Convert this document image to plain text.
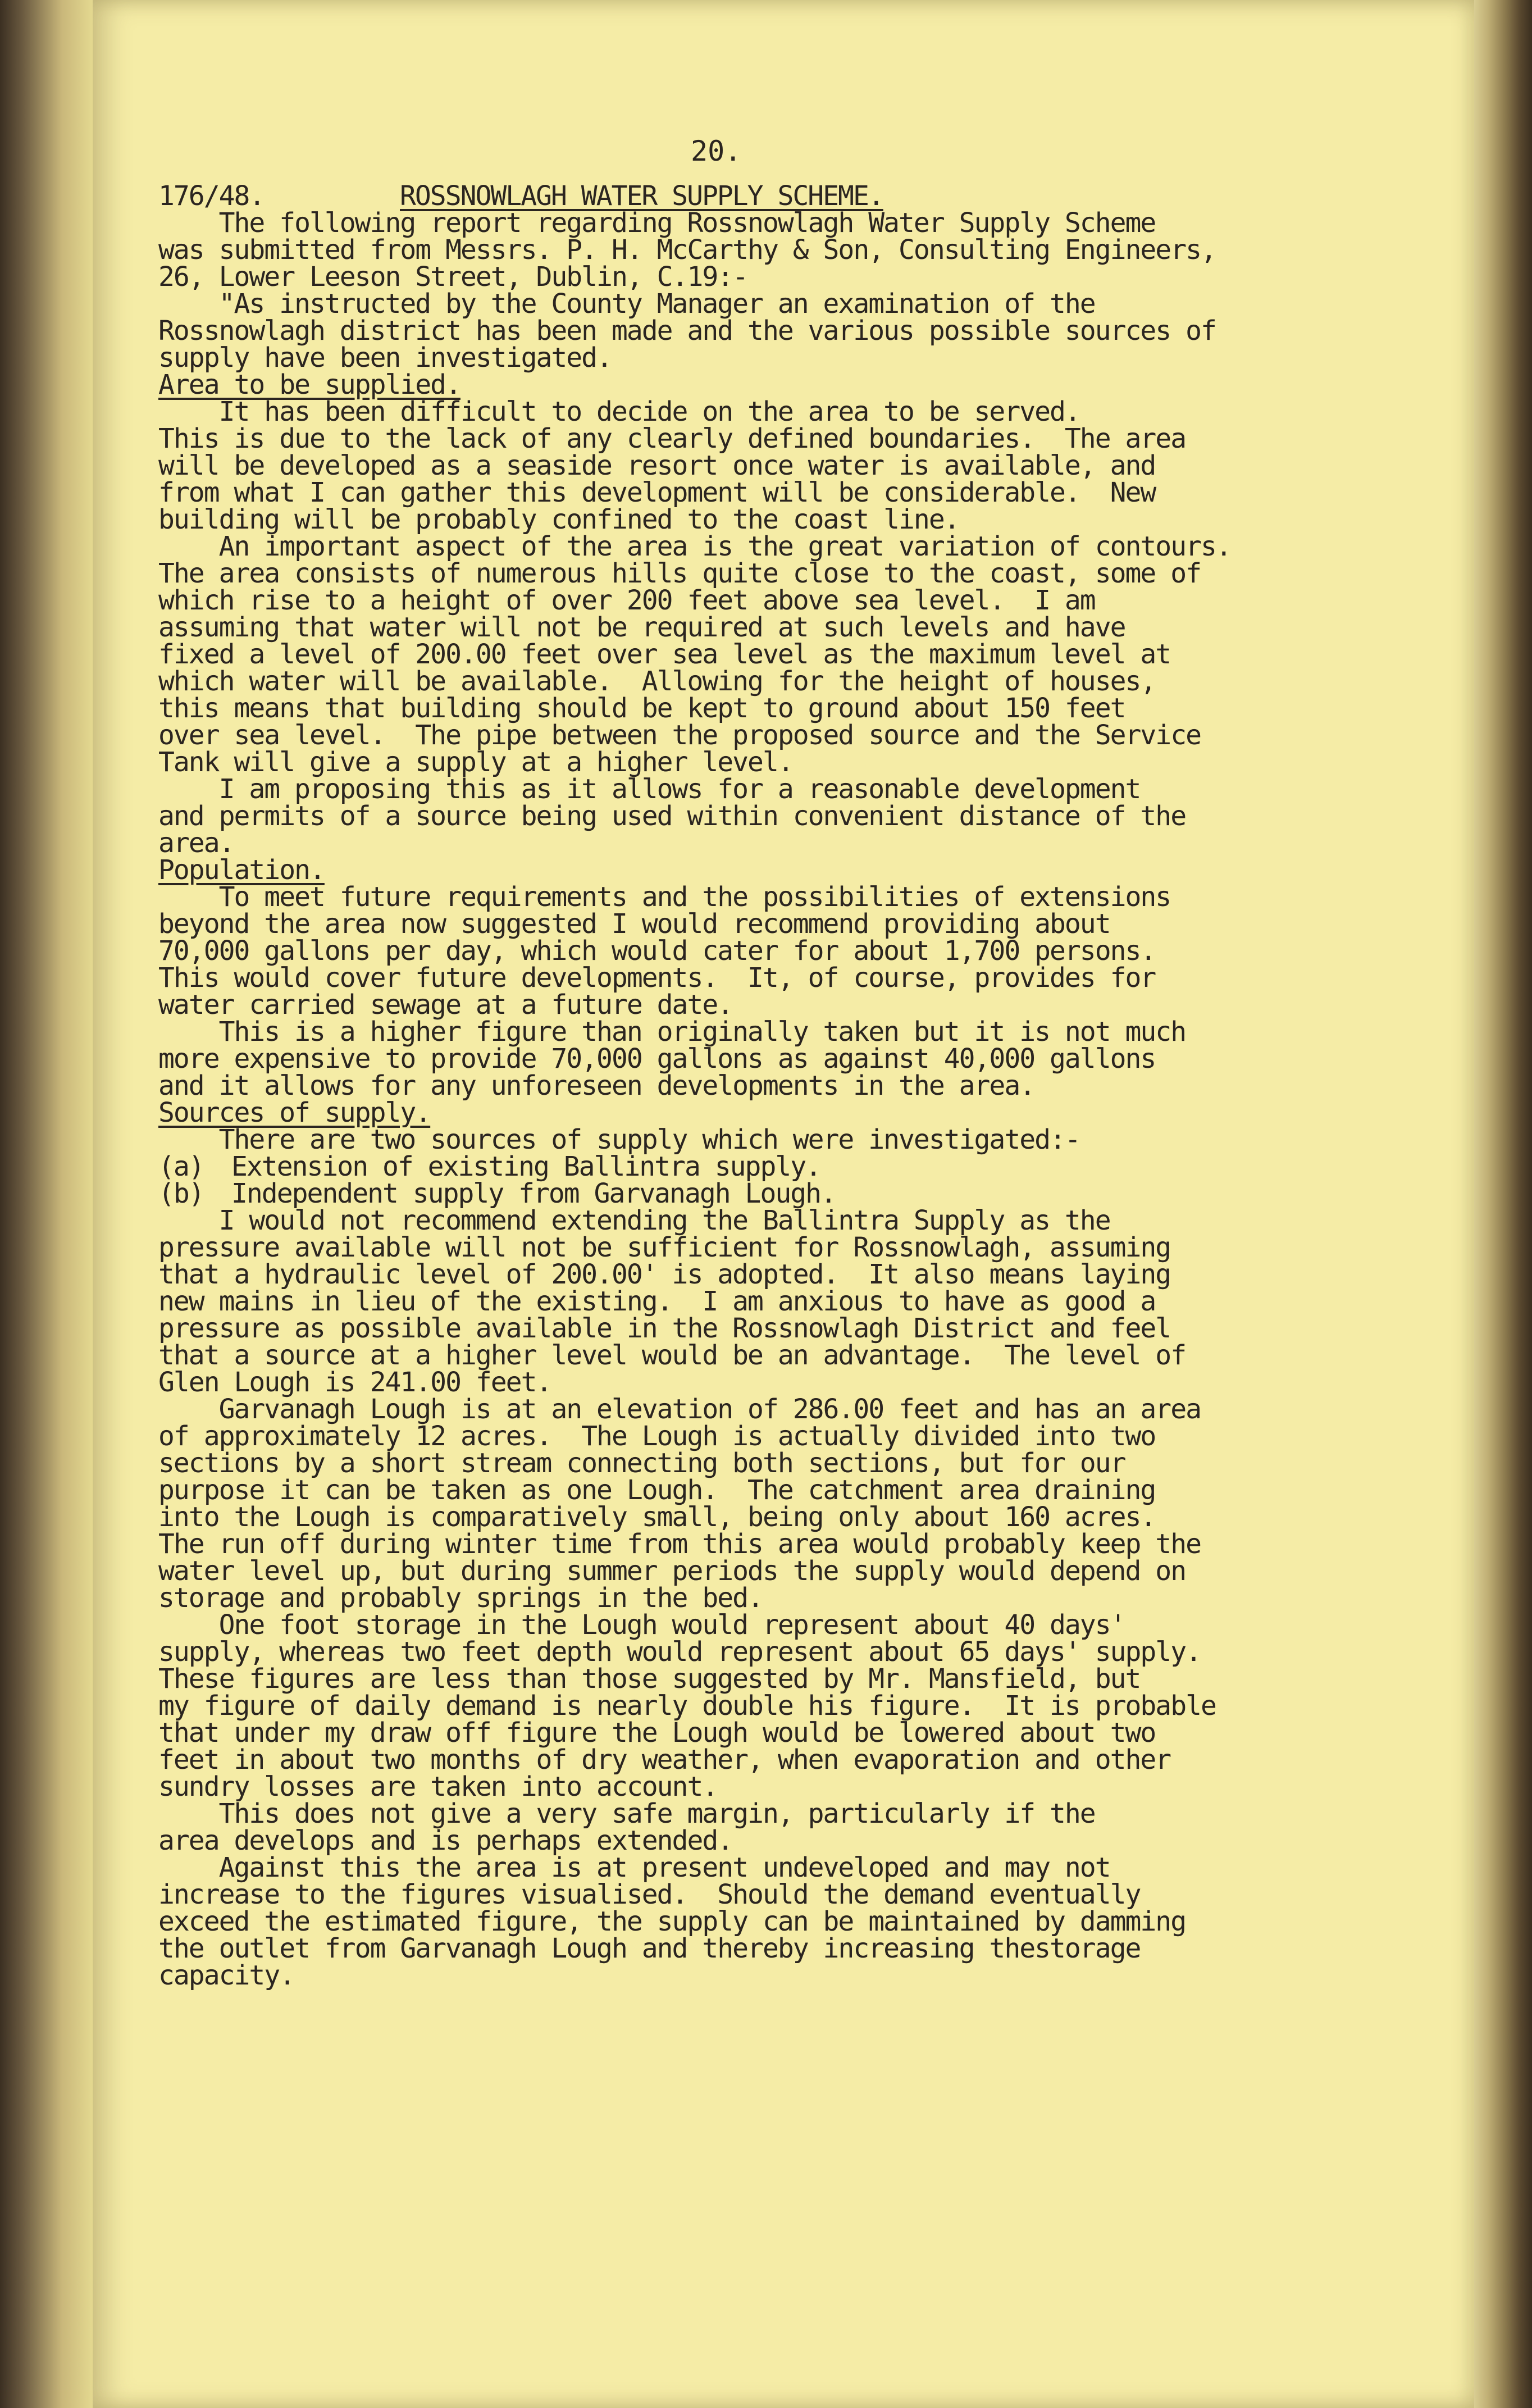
20.
176/48.	ROSSNOWLAGH WATER SUPPLY SCHEME.
The following report regarding Rossnowlagh Water Supply Scheme
was submitted from Messrs. P. H. McCarthy & Son, Consulting Engineers,
26, Lower Leeson Street, Dublin, C.19:-
"As instructed by the County Manager an examination of the
Rossnowlagh district has been made and the various possible sources of
supply have been investigated.
Area to be supplied.
It has been difficult to decide on the area to be served.
This is due to the lack of any clearly defined boundaries.  The area
will be developed as a seaside resort once water is available, and
from what I can gather this development will be considerable.  New
building will be probably confined to the coast line.
An important aspect of the area is the great variation of contours.
The area consists of numerous hills quite close to the coast, some of
which rise to a height of over 200 feet above sea level.  I am
assuming that water will not be required at such levels and have
fixed a level of 200.00 feet over sea level as the maximum level at
which water will be available.  Allowing for the height of houses,
this means that building should be kept to ground about 150 feet
over sea level.  The pipe between the proposed source and the Service
Tank will give a supply at a higher level.
I am proposing this as it allows for a reasonable development
and permits of a source being used within convenient distance of the
area.
Population.
To meet future requirements and the possibilities of extensions
beyond the area now suggested I would recommend providing about
70,000 gallons per day, which would cater for about 1,700 persons.
This would cover future developments.  It, of course, provides for
water carried sewage at a future date.
This is a higher figure than originally taken but it is not much
more expensive to provide 70,000 gallons as against 40,000 gallons
and it allows for any unforeseen developments in the area.
Sources of supply.
There are two sources of supply which were investigated:-
(a) Extension of existing Ballintra supply.
(b) Independent supply from Garvanagh Lough.
I would not recommend extending the Ballintra Supply as the
pressure available will not be sufficient for Rossnowlagh, assuming
that a hydraulic level of 200.00' is adopted.  It also means laying
new mains in lieu of the existing.  I am anxious to have as good a
pressure as possible available in the Rossnowlagh District and feel
that a source at a higher level would be an advantage.  The level of
Glen Lough is 241.00 feet.
Garvanagh Lough is at an elevation of 286.00 feet and has an area
of approximately 12 acres.  The Lough is actually divided into two
sections by a short stream connecting both sections, but for our
purpose it can be taken as one Lough.  The catchment area draining
into the Lough is comparatively small, being only about 160 acres.
The run off during winter time from this area would probably keep the
water level up, but during summer periods the supply would depend on
storage and probably springs in the bed.
One foot storage in the Lough would represent about 40 days'
supply, whereas two feet depth would represent about 65 days' supply.
These figures are less than those suggested by Mr. Mansfield, but
my figure of daily demand is nearly double his figure.  It is probable
that under my draw off figure the Lough would be lowered about two
feet in about two months of dry weather, when evaporation and other
sundry losses are taken into account.
This does not give a very safe margin, particularly if the
area develops and is perhaps extended.
Against this the area is at present undeveloped and may not
increase to the figures visualised.  Should the demand eventually
exceed the estimated figure, the supply can be maintained by damming
the outlet from Garvanagh Lough and thereby increasing thestorage
capacity.
